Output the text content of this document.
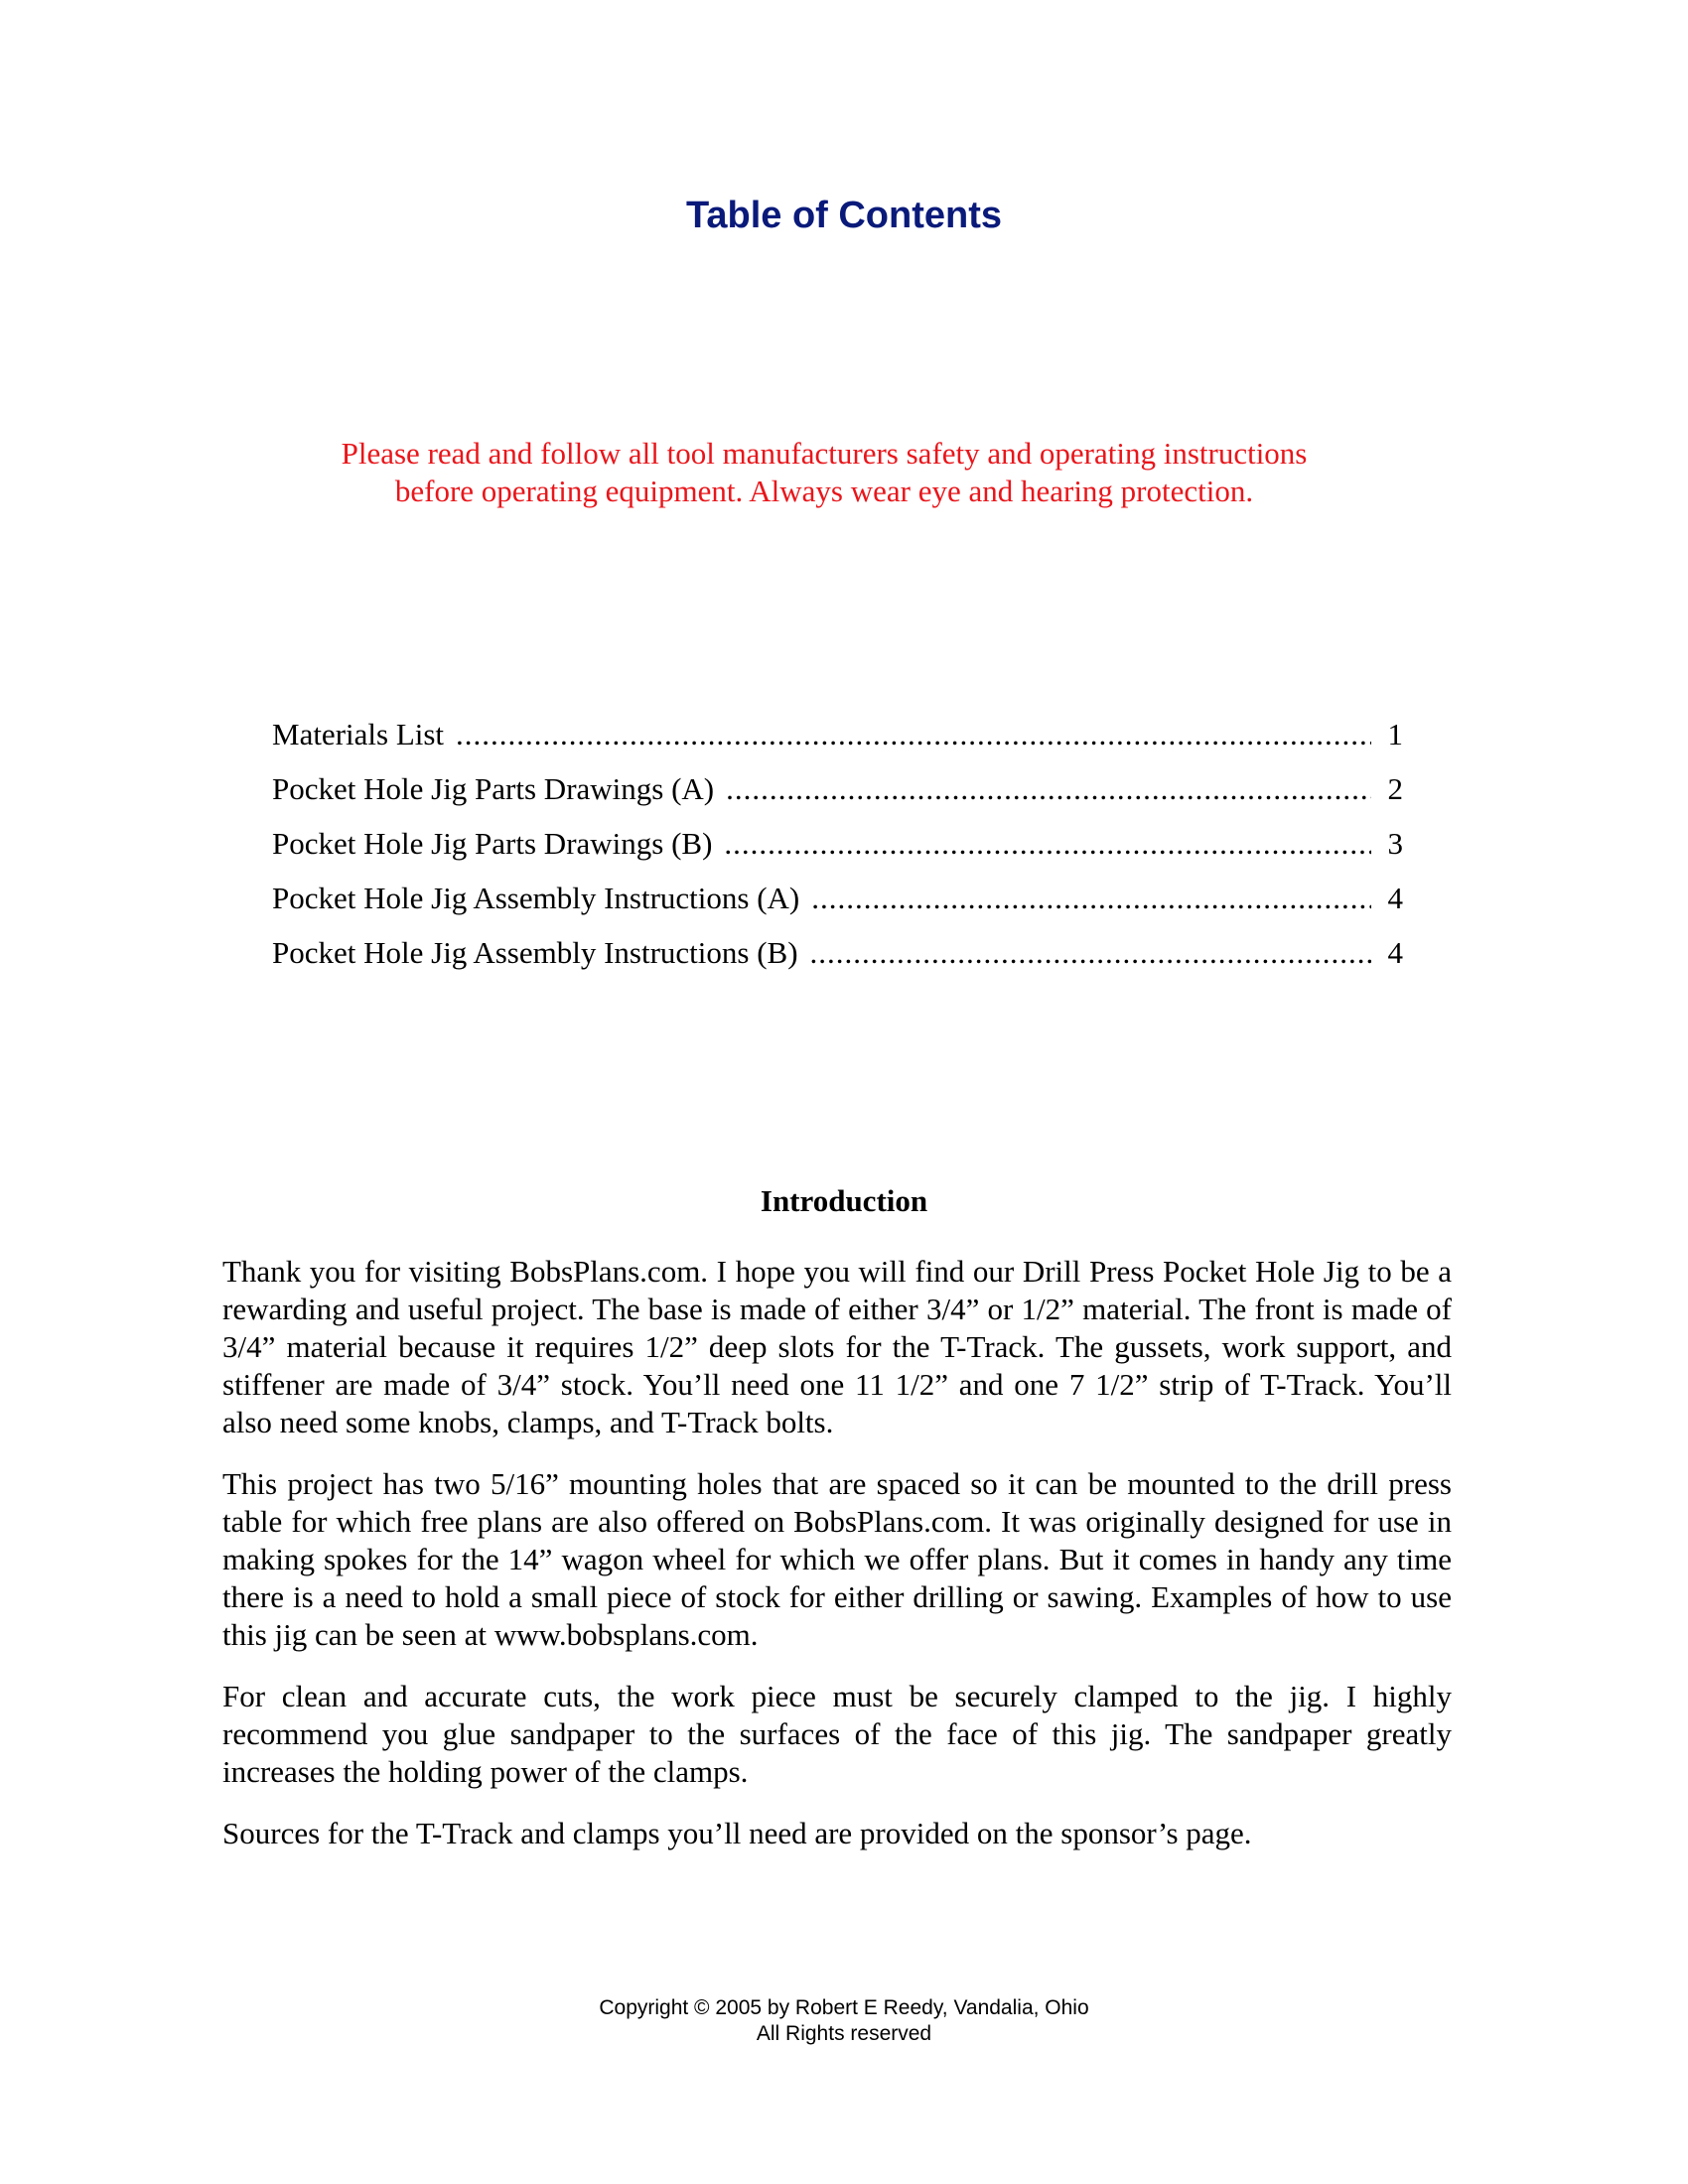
Table of Contents

Please read and follow all tool manufacturers safety and operating instructions before operating equipment. Always wear eye and hearing protection.

Materials List .....	1
Pocket Hole Jig Parts Drawings (A) .....	2
Pocket Hole Jig Parts Drawings (B) .....	3
Pocket Hole Jig Assembly Instructions (A) .....	4
Pocket Hole Jig Assembly Instructions (B) .....	4
Introduction

Thank you for visiting BobsPlans.com. I hope you will find our Drill Press Pocket Hole Jig to be a rewarding and useful project. The base is made of either 3/4” or 1/2” material. The front is made of 3/4” material because it requires 1/2” deep slots for the T-Track. The gussets, work support, and stiffener are made of 3/4” stock. You’ll need one 11 1/2” and one 7 1/2” strip of T-Track. You’ll also need some knobs, clamps, and T-Track bolts.

This project has two 5/16” mounting holes that are spaced so it can be mounted to the drill press table for which free plans are also offered on BobsPlans.com. It was originally designed for use in making spokes for the 14” wagon wheel for which we offer plans. But it comes in handy any time there is a need to hold a small piece of stock for either drilling or sawing. Examples of how to use this jig can be seen at www.bobsplans.com.

For clean and accurate cuts, the work piece must be securely clamped to the jig. I highly recommend you glue sandpaper to the surfaces of the face of this jig. The sandpaper greatly increases the holding power of the clamps.

Sources for the T-Track and clamps you’ll need are provided on the sponsor’s page.

Copyright © 2005 by Robert E Reedy, Vandalia, Ohio
All Rights reserved
